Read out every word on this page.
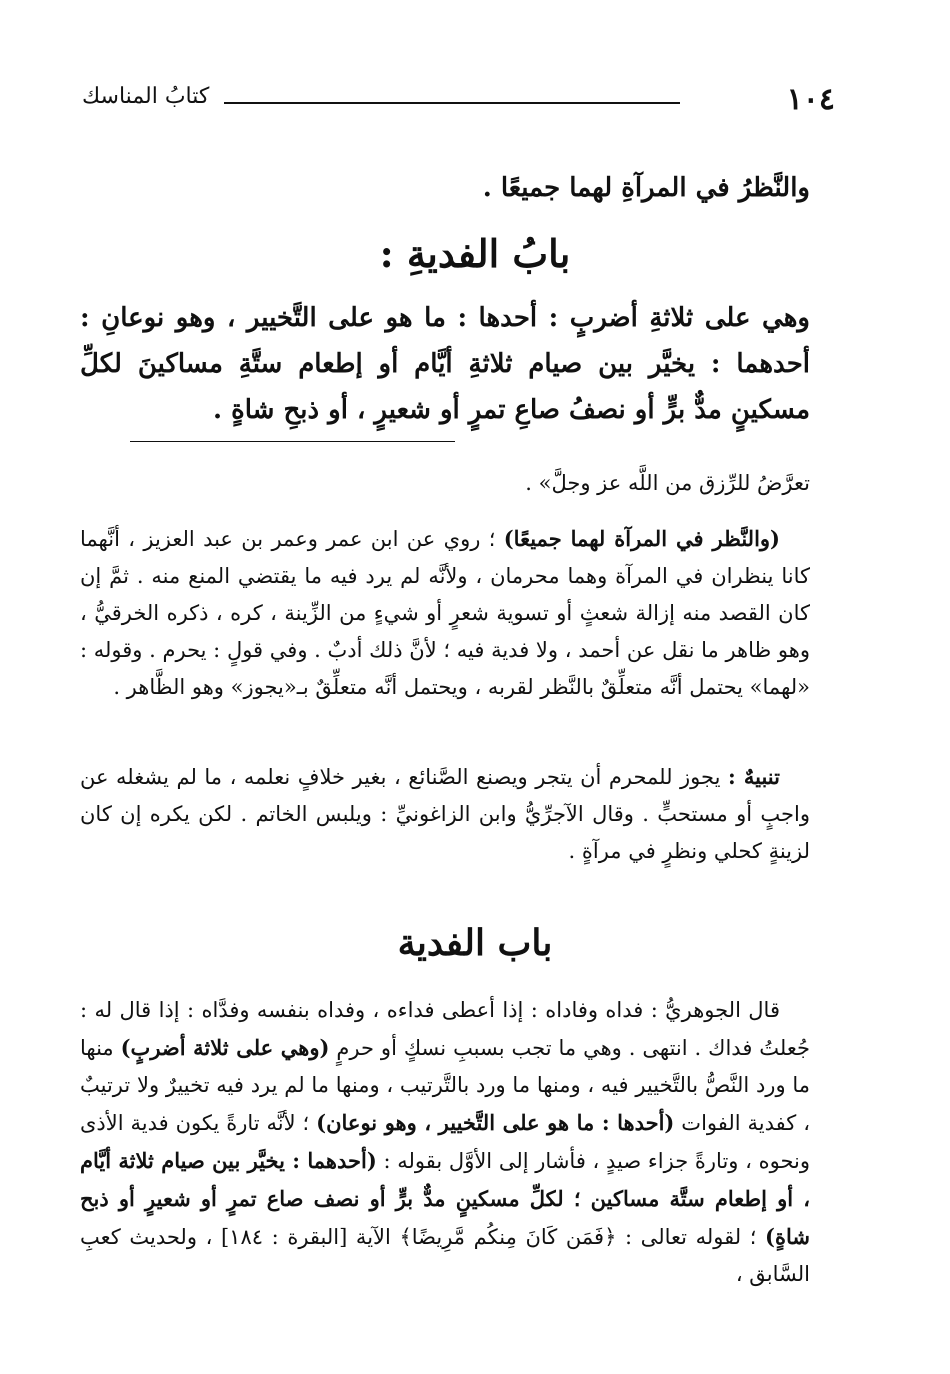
١٠٤
كتابُ المناسك
والنَّظرُ في المرآةِ لهما جميعًا .
بابُ الفديةِ :
وهي على ثلاثةِ أضربٍ : أحدها : ما هو على التَّخيير ، وهو نوعانِ : أحدهما : يخيَّر بين صيام ثلاثةِ أيَّام أو إطعام ستَّةِ مساكينَ لكلِّ مسكينٍ مدٌّ برٍّ أو نصفُ صاعِ تمرٍ أو شعيرٍ ، أو ذبحِ شاةٍ .
تعرَّضُ للرِّزق من اللَّه عز وجلَّ» .
(والنَّظر في المرآة لهما جميعًا) ؛ روي عن ابن عمر وعمر بن عبد العزيز ، أنَّهما كانا ينظران في المرآة وهما محرمان ، ولأنَّه لم يرد فيه ما يقتضي المنع منه . ثمَّ إن كان القصد منه إزالة شعثٍ أو تسوية شعرٍ أو شيءٍ من الزِّينة ، كره ، ذكره الخرقيُّ ، وهو ظاهر ما نقل عن أحمد ، ولا فدية فيه ؛ لأنَّ ذلك أدبٌ . وفي قولٍ : يحرم . وقوله : «لهما» يحتمل أنَّه متعلِّقٌ بالنَّظر لقربه ، ويحتمل أنَّه متعلِّقٌ بـ«يجوز» وهو الظَّاهر .
تنبيهٌ : يجوز للمحرم أن يتجر ويصنع الصَّنائع ، بغير خلافٍ نعلمه ، ما لم يشغله عن واجبٍ أو مستحبٍّ . وقال الآجرِّيُّ وابن الزاغونيِّ : ويلبس الخاتم . لكن يكره إن كان لزينةٍ كحلي ونظرٍ في مرآةٍ .
باب الفدية
قال الجوهريُّ : فداه وفاداه : إذا أعطى فداءه ، وفداه بنفسه وفدَّاه : إذا قال له : جُعلتُ فداك . انتهى . وهي ما تجب بسببِ نسكٍ أو حرمٍ (وهي على ثلاثة أضربٍ) منها ما ورد النَّصُّ بالتَّخيير فيه ، ومنها ما ورد بالتَّرتيب ، ومنها ما لم يرد فيه تخييرٌ ولا ترتيبٌ ، كفدية الفوات (أحدها : ما هو على التَّخيير ، وهو نوعان) ؛ لأنَّه تارةً يكون فدية الأذى ونحوه ، وتارةً جزاء صيدٍ ، فأشار إلى الأوَّل بقوله : (أحدهما : يخيَّر بين صيام ثلاثة أيَّام ، أو إطعام ستَّة مساكين ؛ لكلِّ مسكينٍ مدٌّ برٍّ أو نصف صاع تمرٍ أو شعيرٍ أو ذبح شاةٍ) ؛ لقوله تعالى : ﴿فَمَن كَانَ مِنكُم مَّرِيضًا﴾ الآية [البقرة : ١٨٤] ، ولحديث كعبِ السَّابق ،
